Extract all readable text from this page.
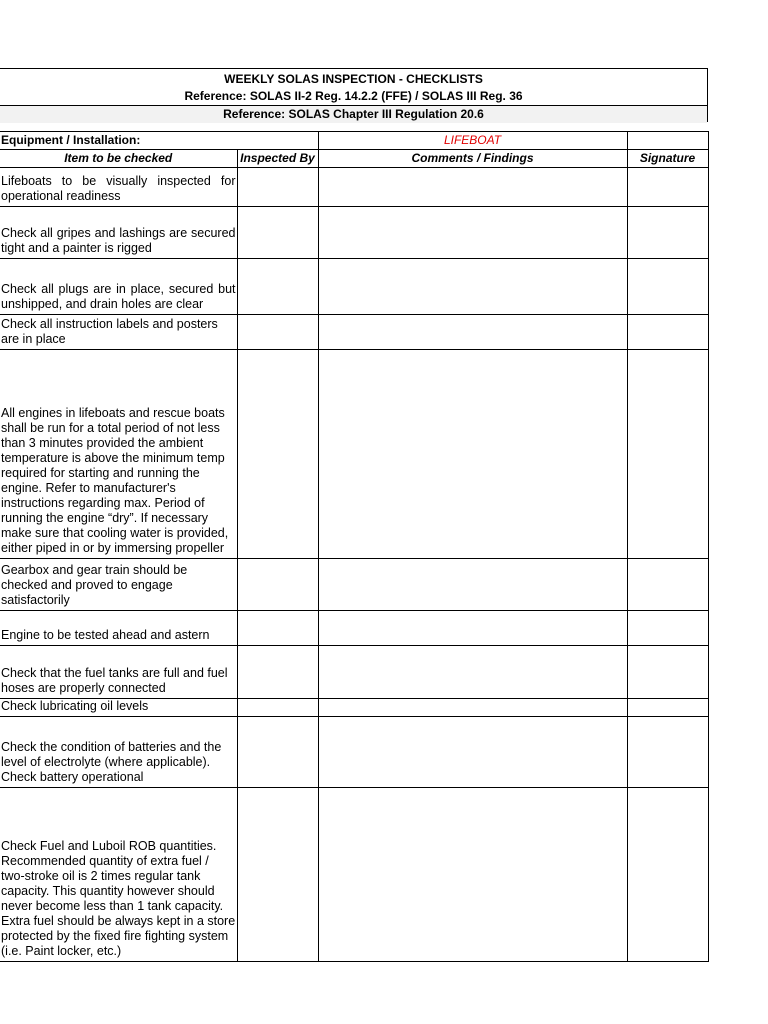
WEEKLY SOLAS INSPECTION - CHECKLISTS
Reference: SOLAS II-2 Reg. 14.2.2 (FFE) / SOLAS III Reg. 36
Reference: SOLAS Chapter III Regulation 20.6
Equipment / Installation:		LIFEBOAT	
Item to be checked	Inspected By	Comments / Findings	Signature
Lifeboats to be visually inspected for operational readiness			
Check all gripes and lashings are secured tight and a painter is rigged			
Check all plugs are in place, secured but unshipped, and drain holes are clear			
Check all instruction labels and posters are in place			
All engines in lifeboats and rescue boats shall be run for a total period of not less than 3 minutes provided the ambient temperature is above the minimum temp required for starting and running the engine. Refer to manufacturer's instructions regarding max. Period of running the engine “dry”. If necessary make sure that cooling water is provided, either piped in or by immersing propeller			
Gearbox and gear train should be checked and proved to engage satisfactorily			
Engine to be tested ahead and astern			
Check that the fuel tanks are full and fuel hoses are properly connected			
Check lubricating oil levels			
Check the condition of batteries and the level of electrolyte (where applicable). Check battery operational			
Check Fuel and Luboil ROB quantities. Recommended quantity of extra fuel / two-stroke oil is 2 times regular tank capacity. This quantity however should never become less than 1 tank capacity. Extra fuel should be always kept in a store protected by the fixed fire fighting system (i.e. Paint locker, etc.)			
